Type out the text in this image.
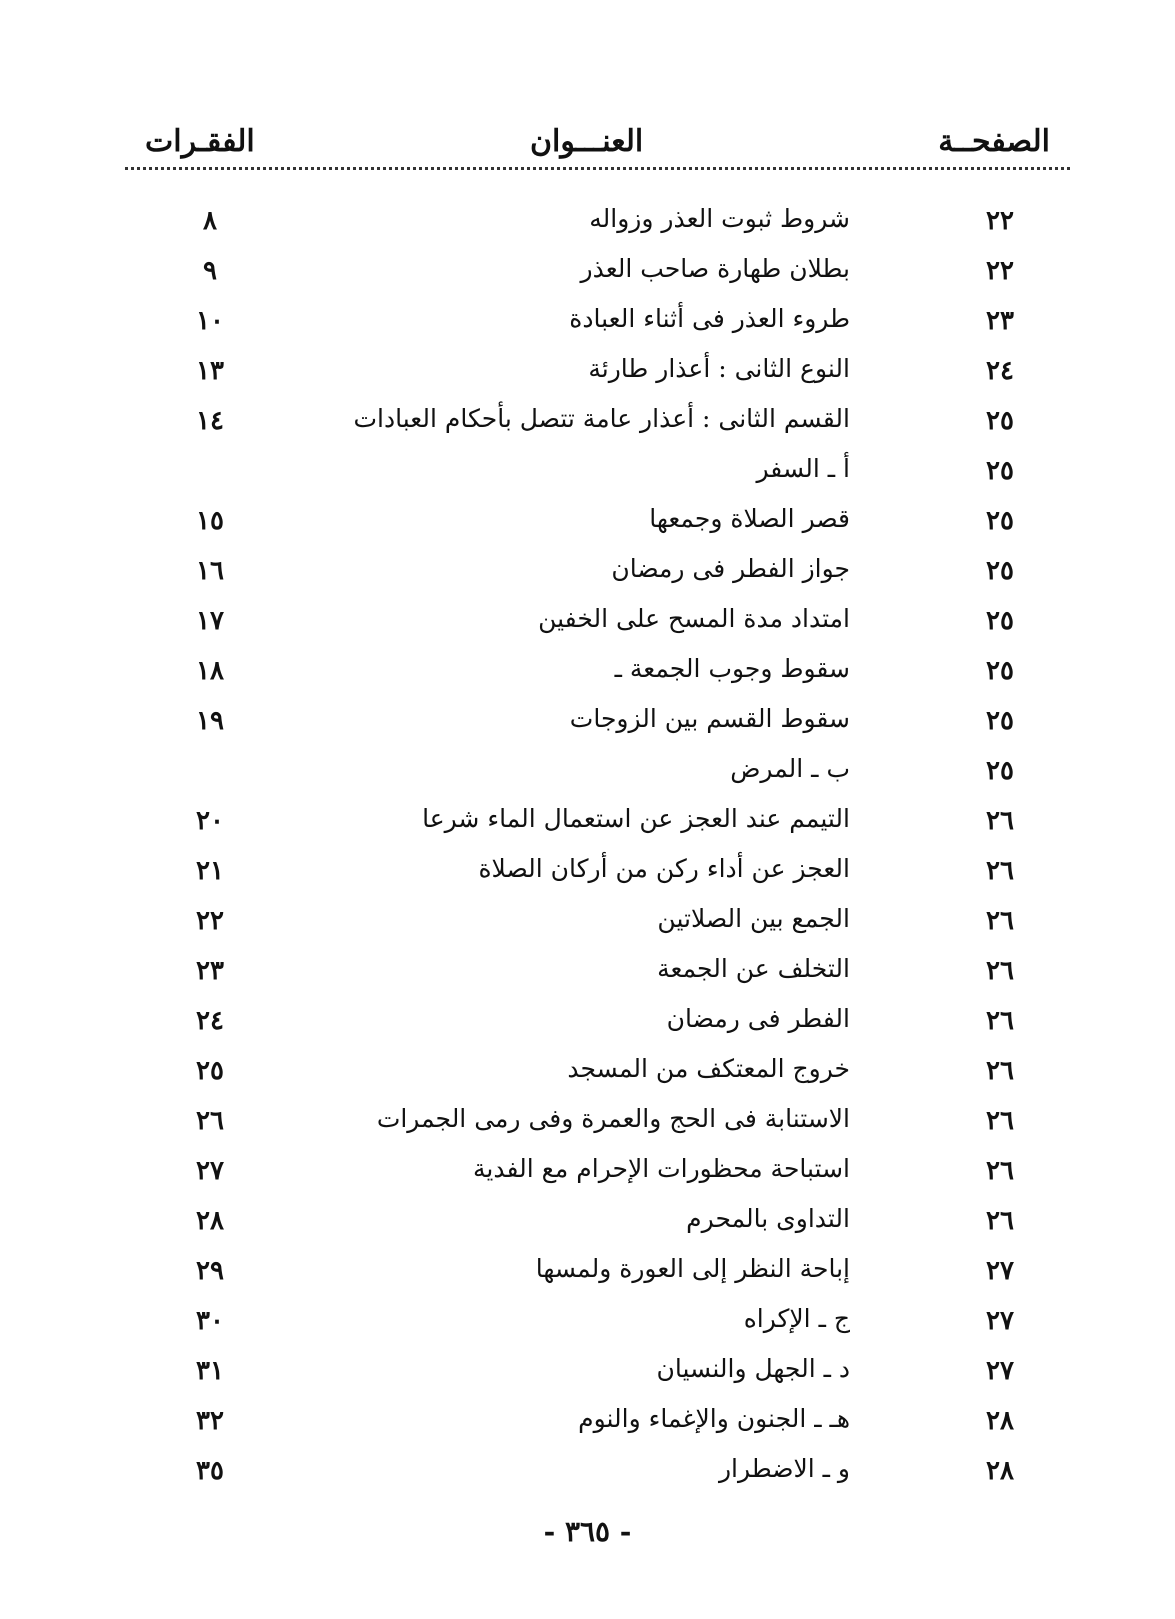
الصفحــة
العنـــوان
الفقـرات
٢٢
شروط ثبوت العذر وزواله
٨
٢٢
بطلان طهارة صاحب العذر
٩
٢٣
طروء العذر فى أثناء العبادة
١٠
٢٤
النوع الثانى : أعذار طارئة
١٣
٢٥
القسم الثانى : أعذار عامة تتصل بأحكام العبادات
١٤
٢٥
أ ـ السفر
٢٥
قصر الصلاة وجمعها
١٥
٢٥
جواز الفطر فى رمضان
١٦
٢٥
امتداد مدة المسح على الخفين
١٧
٢٥
سقوط وجوب الجمعة ـ
١٨
٢٥
سقوط القسم بين الزوجات
١٩
٢٥
ب ـ المرض
٢٦
التيمم عند العجز عن استعمال الماء شرعا
٢٠
٢٦
العجز عن أداء ركن من أركان الصلاة
٢١
٢٦
الجمع بين الصلاتين
٢٢
٢٦
التخلف عن الجمعة
٢٣
٢٦
الفطر فى رمضان
٢٤
٢٦
خروج المعتكف من المسجد
٢٥
٢٦
الاستنابة فى الحج والعمرة وفى رمى الجمرات
٢٦
٢٦
استباحة محظورات الإحرام مع الفدية
٢٧
٢٦
التداوى بالمحرم
٢٨
٢٧
إباحة النظر إلى العورة ولمسها
٢٩
٢٧
ج ـ الإكراه
٣٠
٢٧
د ـ الجهل والنسيان
٣١
٢٨
هـ ـ الجنون والإغماء والنوم
٣٢
٢٨
و ـ الاضطرار
٣٥
- ٣٦٥ -
